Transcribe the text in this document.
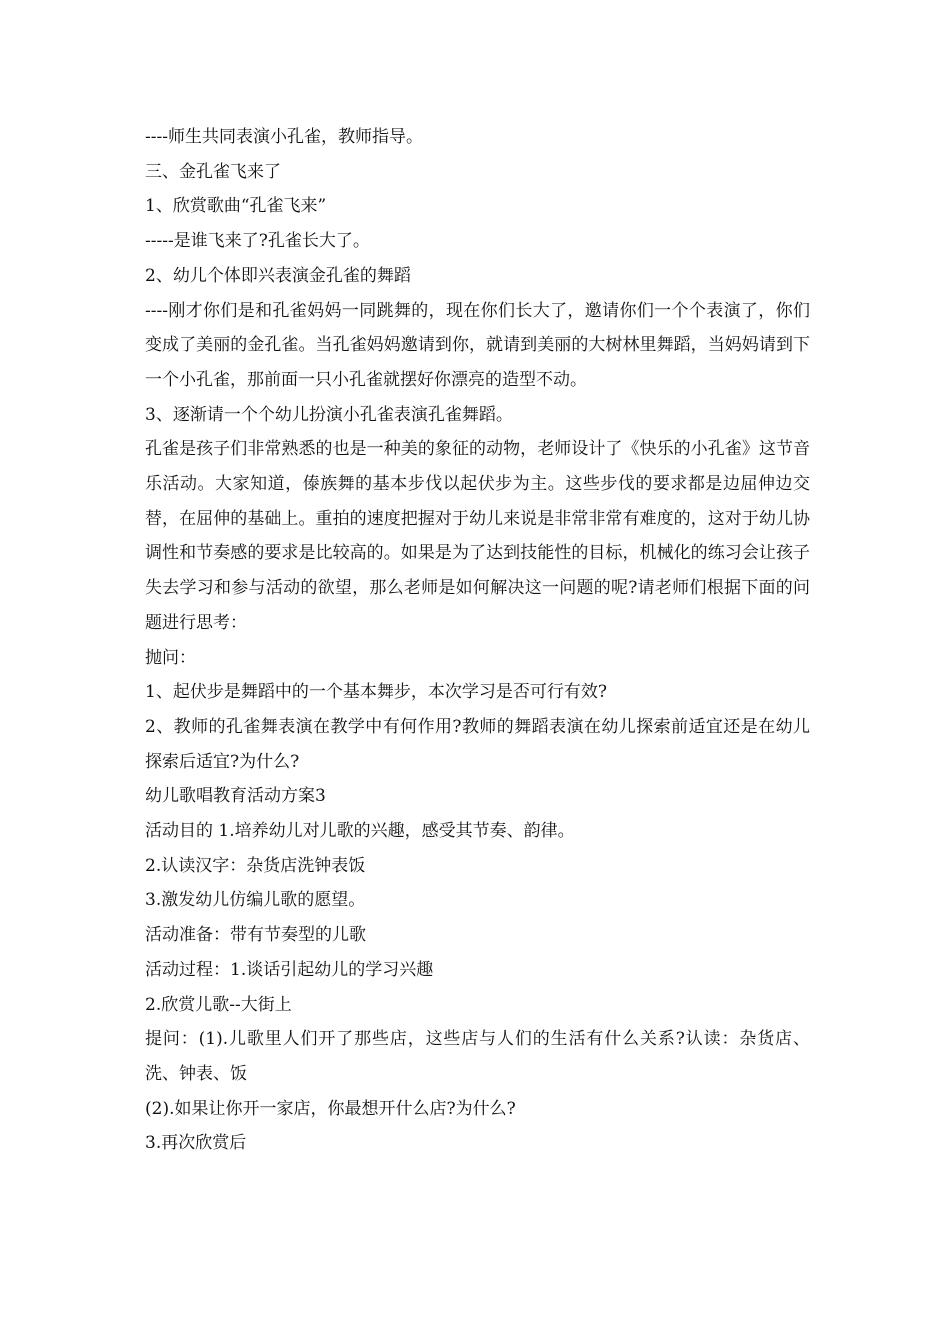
----师生共同表演小孔雀，教师指导。

三、金孔雀飞来了

1、欣赏歌曲“孔雀飞来”

-----是谁飞来了?孔雀长大了。

2、幼儿个体即兴表演金孔雀的舞蹈

----刚才你们是和孔雀妈妈一同跳舞的，现在你们长大了，邀请你们一个个表演了，你们变成了美丽的金孔雀。当孔雀妈妈邀请到你，就请到美丽的大树林里舞蹈，当妈妈请到下一个小孔雀，那前面一只小孔雀就摆好你漂亮的造型不动。

3、逐渐请一个个幼儿扮演小孔雀表演孔雀舞蹈。

孔雀是孩子们非常熟悉的也是一种美的象征的动物，老师设计了《快乐的小孔雀》这节音乐活动。大家知道，傣族舞的基本步伐以起伏步为主。这些步伐的要求都是边屈伸边交替，在屈伸的基础上。重拍的速度把握对于幼儿来说是非常非常有难度的，这对于幼儿协调性和节奏感的要求是比较高的。如果是为了达到技能性的目标，机械化的练习会让孩子失去学习和参与活动的欲望，那么老师是如何解决这一问题的呢?请老师们根据下面的问题进行思考：

抛问：

1、起伏步是舞蹈中的一个基本舞步，本次学习是否可行有效?

2、教师的孔雀舞表演在教学中有何作用?教师的舞蹈表演在幼儿探索前适宜还是在幼儿探索后适宜?为什么?

幼儿歌唱教育活动方案3

活动目的 1.培养幼儿对儿歌的兴趣，感受其节奏、韵律。

2.认读汉字：杂货店洗钟表饭

3.激发幼儿仿编儿歌的愿望。

活动准备：带有节奏型的儿歌

活动过程：1.谈话引起幼儿的学习兴趣

2.欣赏儿歌--大街上

提问：(1).儿歌里人们开了那些店，这些店与人们的生活有什么关系?认读：杂货店、洗、钟表、饭

(2).如果让你开一家店，你最想开什么店?为什么?

3.再次欣赏后
